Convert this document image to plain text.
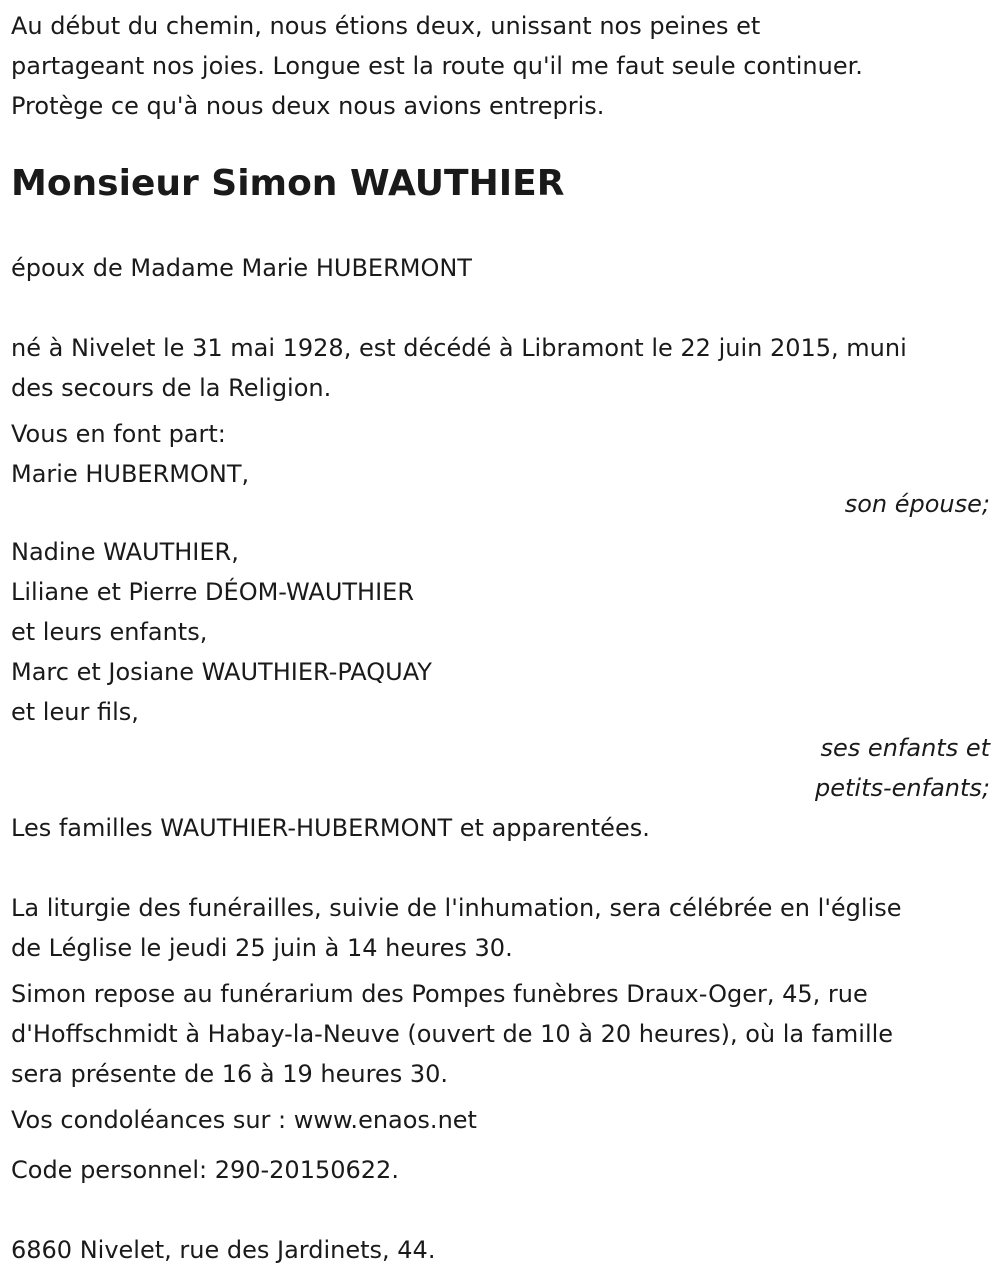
Au début du chemin, nous étions deux, unissant nos peines et
partageant nos joies. Longue est la route qu'il me faut seule continuer.
Protège ce qu'à nous deux nous avions entrepris.

Monsieur Simon WAUTHIER

époux de Madame Marie HUBERMONT

né à Nivelet le 31 mai 1928, est décédé à Libramont le 22 juin 2015, muni
des secours de la Religion.

Vous en font part:
Marie HUBERMONT,
son épouse;
Nadine WAUTHIER,
Liliane et Pierre DÉOM-WAUTHIER
et leurs enfants,
Marc et Josiane WAUTHIER-PAQUAY
et leur fils,
ses enfants et
petits-enfants;
Les familles WAUTHIER-HUBERMONT et apparentées.

La liturgie des funérailles, suivie de l'inhumation, sera célébrée en l'église
de Léglise le jeudi 25 juin à 14 heures 30.

Simon repose au funérarium des Pompes funèbres Draux-Oger, 45, rue
d'Hoffschmidt à Habay-la-Neuve (ouvert de 10 à 20 heures), où la famille
sera présente de 16 à 19 heures 30.

Vos condoléances sur : www.enaos.net

Code personnel: 290-20150622.

6860 Nivelet, rue des Jardinets, 44.
